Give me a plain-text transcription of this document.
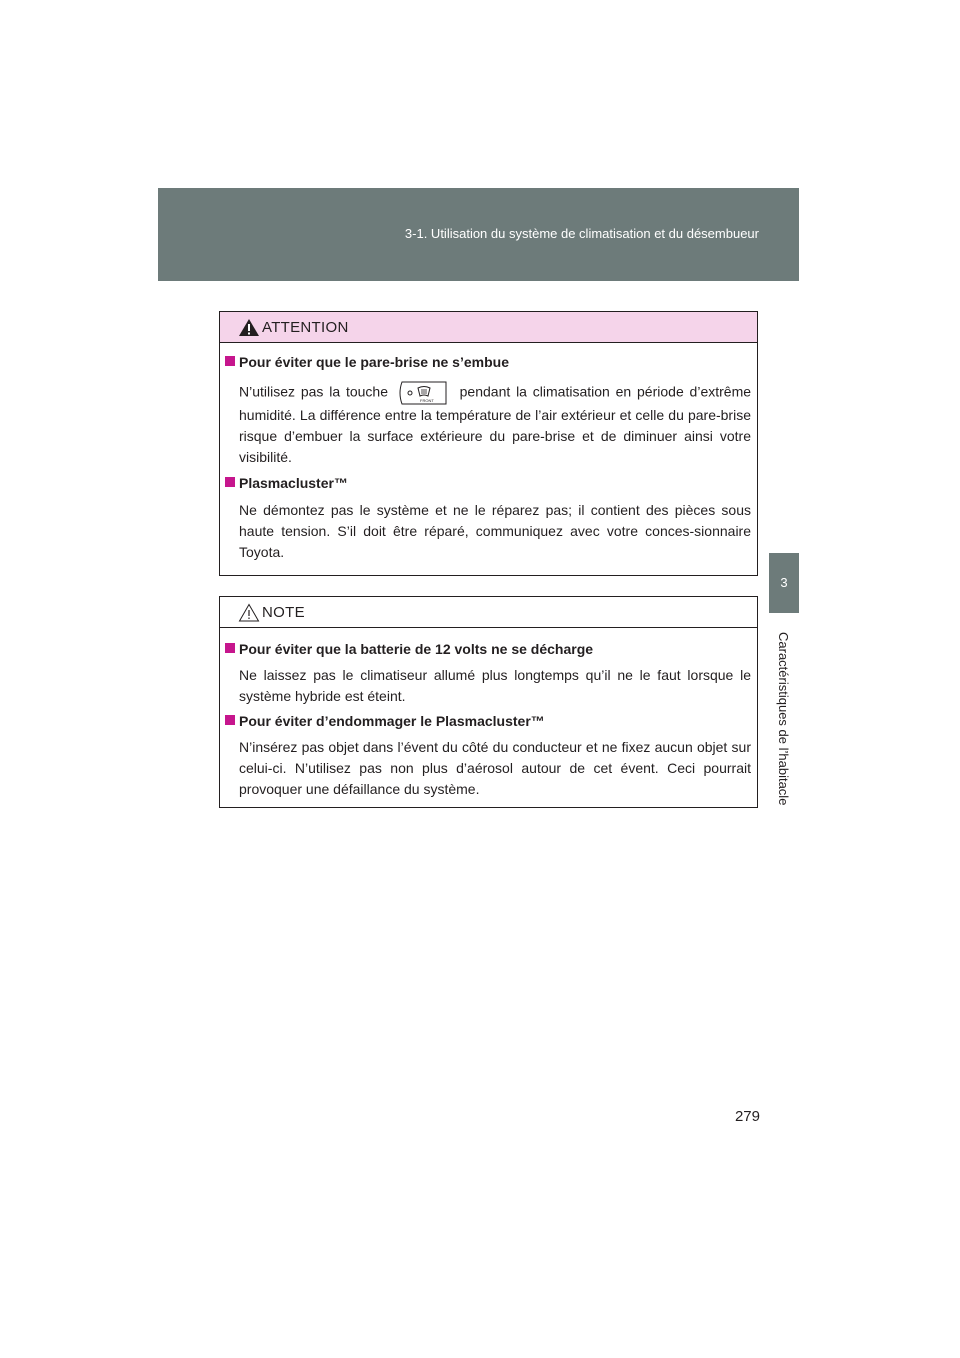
3-1. Utilisation du système de climatisation et du désembueur
3
Caractéristiques de l’habitacle
ATTENTION
Pour éviter que le pare-brise ne s’embue
N’utilisez pas la touche
FRONT
pendant la climatisation en période d’extrême humidité. La différence entre la température de l’air extérieur et celle du pare-brise risque d’embuer la surface extérieure du pare-brise et de diminuer ainsi votre visibilité.
Plasmacluster™
Ne démontez pas le système et ne le réparez pas; il contient des pièces sous haute tension. S’il doit être réparé, communiquez avec votre conces-sionnaire Toyota.
NOTE
Pour éviter que la batterie de 12 volts ne se décharge
Ne laissez pas le climatiseur allumé plus longtemps qu’il ne le faut lorsque le système hybride est éteint.
Pour éviter d’endommager le Plasmacluster™
N’insérez pas objet dans l’évent du côté du conducteur et ne fixez aucun objet sur celui-ci. N’utilisez pas non plus d’aérosol autour de cet évent. Ceci pourrait provoquer une défaillance du système.
279
